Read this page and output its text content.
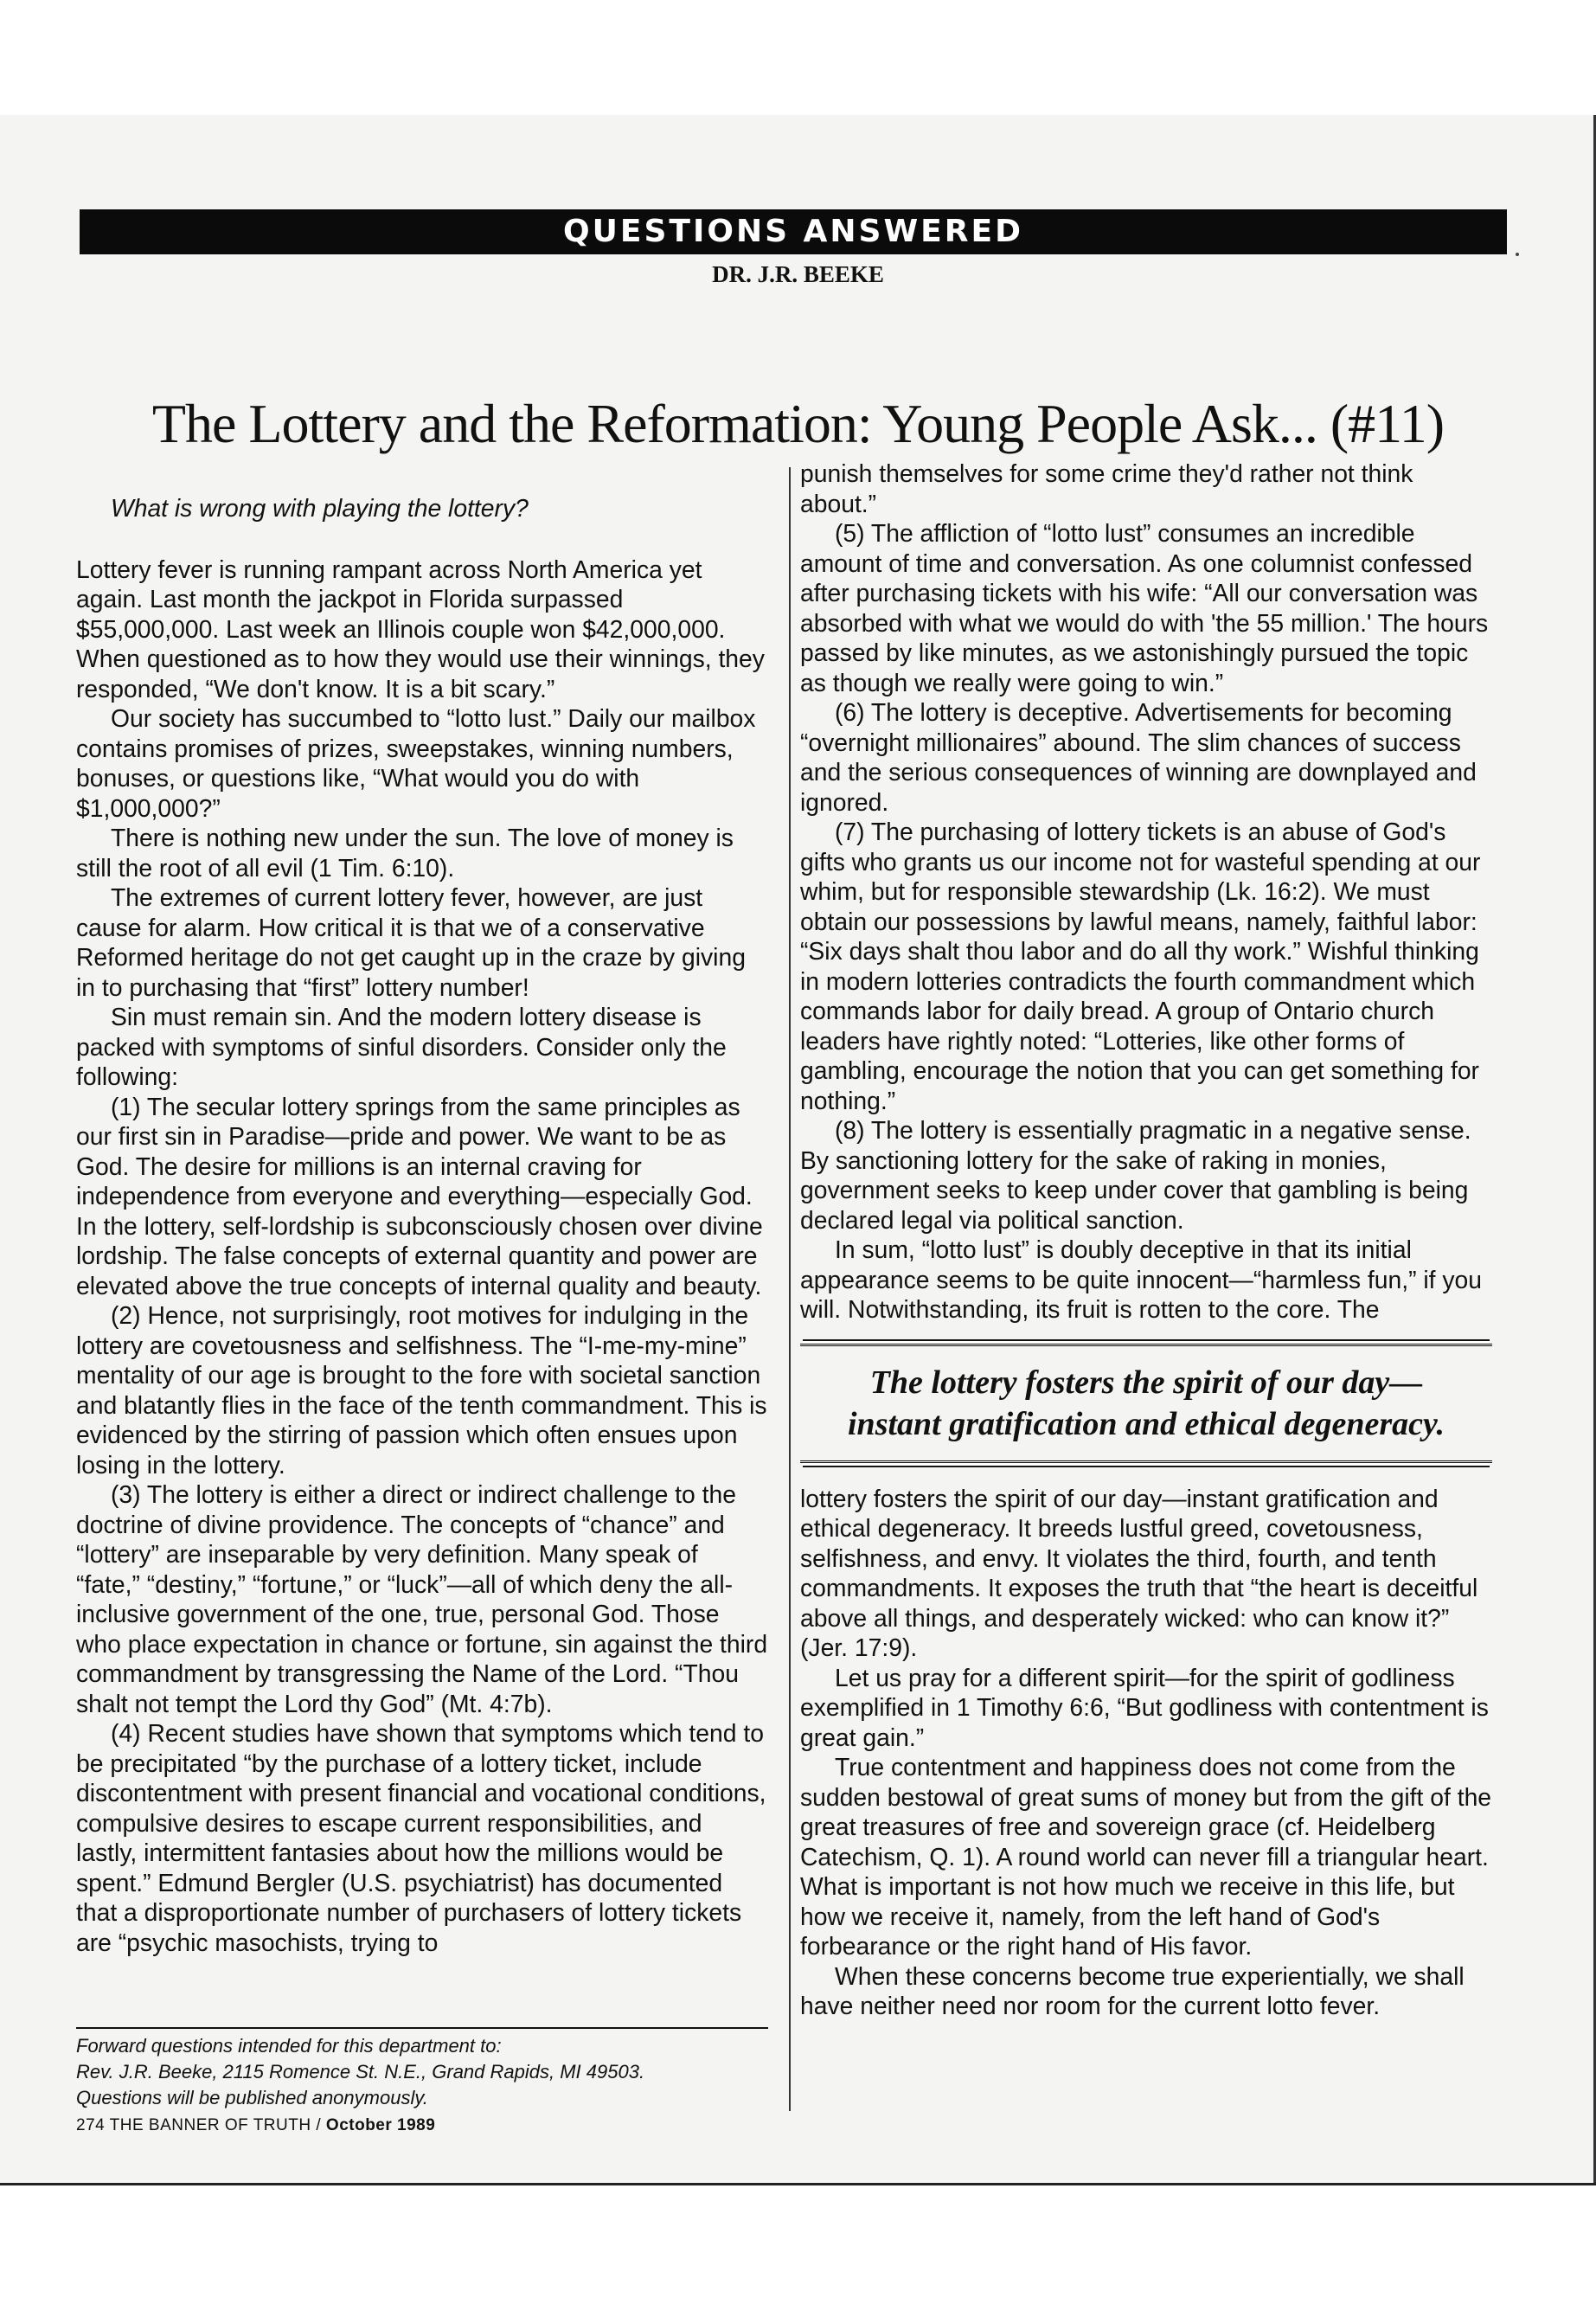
QUESTIONS ANSWERED
DR. J.R. BEEKE
The Lottery and the Reformation: Young People Ask... (#11)

What is wrong with playing the lottery?

Lottery fever is running rampant across North America yet again. Last month the jackpot in Florida surpassed $55,000,000. Last week an Illinois couple won $42,000,000. When questioned as to how they would use their winnings, they responded, “We don't know. It is a bit scary.”

Our society has succumbed to “lotto lust.” Daily our mailbox contains promises of prizes, sweepstakes, winning numbers, bonuses, or questions like, “What would you do with $1,000,000?”

There is nothing new under the sun. The love of money is still the root of all evil (1 Tim. 6:10).

The extremes of current lottery fever, however, are just cause for alarm. How critical it is that we of a conservative Reformed heritage do not get caught up in the craze by giving in to purchasing that “first” lottery number!

Sin must remain sin. And the modern lottery disease is packed with symptoms of sinful disorders. Consider only the following:

(1) The secular lottery springs from the same principles as our first sin in Paradise—pride and power. We want to be as God. The desire for millions is an internal craving for independence from everyone and everything—especially God. In the lottery, self-lordship is subconsciously chosen over divine lordship. The false concepts of external quantity and power are elevated above the true concepts of internal quality and beauty.

(2) Hence, not surprisingly, root motives for indulging in the lottery are covetousness and selfishness. The “I-me-my-mine” mentality of our age is brought to the fore with societal sanction and blatantly flies in the face of the tenth commandment. This is evidenced by the stirring of passion which often ensues upon losing in the lottery.

(3) The lottery is either a direct or indirect challenge to the doctrine of divine providence. The concepts of “chance” and “lottery” are inseparable by very definition. Many speak of “fate,” “destiny,” “fortune,” or “luck”—all of which deny the all-inclusive government of the one, true, personal God. Those who place expectation in chance or fortune, sin against the third commandment by transgressing the Name of the Lord. “Thou shalt not tempt the Lord thy God” (Mt. 4:7b).

(4) Recent studies have shown that symptoms which tend to be precipitated “by the purchase of a lottery ticket, include discontentment with present financial and vocational conditions, compulsive desires to escape current responsibilities, and lastly, intermittent fantasies about how the millions would be spent.” Edmund Bergler (U.S. psychiatrist) has documented that a disproportionate number of purchasers of lottery tickets are “psychic masochists, trying to

punish themselves for some crime they'd rather not think about.”

(5) The affliction of “lotto lust” consumes an incredible amount of time and conversation. As one columnist confessed after purchasing tickets with his wife: “All our conversation was absorbed with what we would do with 'the 55 million.' The hours passed by like minutes, as we astonishingly pursued the topic as though we really were going to win.”

(6) The lottery is deceptive. Advertisements for becoming “overnight millionaires” abound. The slim chances of success and the serious consequences of winning are downplayed and ignored.

(7) The purchasing of lottery tickets is an abuse of God's gifts who grants us our income not for wasteful spending at our whim, but for responsible stewardship (Lk. 16:2). We must obtain our possessions by lawful means, namely, faithful labor: “Six days shalt thou labor and do all thy work.” Wishful thinking in modern lotteries contradicts the fourth commandment which commands labor for daily bread. A group of Ontario church leaders have rightly noted: “Lotteries, like other forms of gambling, encourage the notion that you can get something for nothing.”

(8) The lottery is essentially pragmatic in a negative sense. By sanctioning lottery for the sake of raking in monies, government seeks to keep under cover that gambling is being declared legal via political sanction.

In sum, “lotto lust” is doubly deceptive in that its initial appearance seems to be quite innocent—“harmless fun,” if you will. Notwithstanding, its fruit is rotten to the core. The

The lottery fosters the spirit of our day—
instant gratification and ethical degeneracy.

lottery fosters the spirit of our day—instant gratification and ethical degeneracy. It breeds lustful greed, covetousness, selfishness, and envy. It violates the third, fourth, and tenth commandments. It exposes the truth that “the heart is deceitful above all things, and desperately wicked: who can know it?” (Jer. 17:9).

Let us pray for a different spirit—for the spirit of godliness exemplified in 1 Timothy 6:6, “But godliness with contentment is great gain.”

True contentment and happiness does not come from the sudden bestowal of great sums of money but from the gift of the great treasures of free and sovereign grace (cf. Heidelberg Catechism, Q. 1). A round world can never fill a triangular heart. What is important is not how much we receive in this life, but how we receive it, namely, from the left hand of God's forbearance or the right hand of His favor.

When these concerns become true experientially, we shall have neither need nor room for the current lotto fever.

Forward questions intended for this department to:
Rev. J.R. Beeke, 2115 Romence St. N.E., Grand Rapids, MI 49503.
Questions will be published anonymously.
274 THE BANNER OF TRUTH / October 1989
